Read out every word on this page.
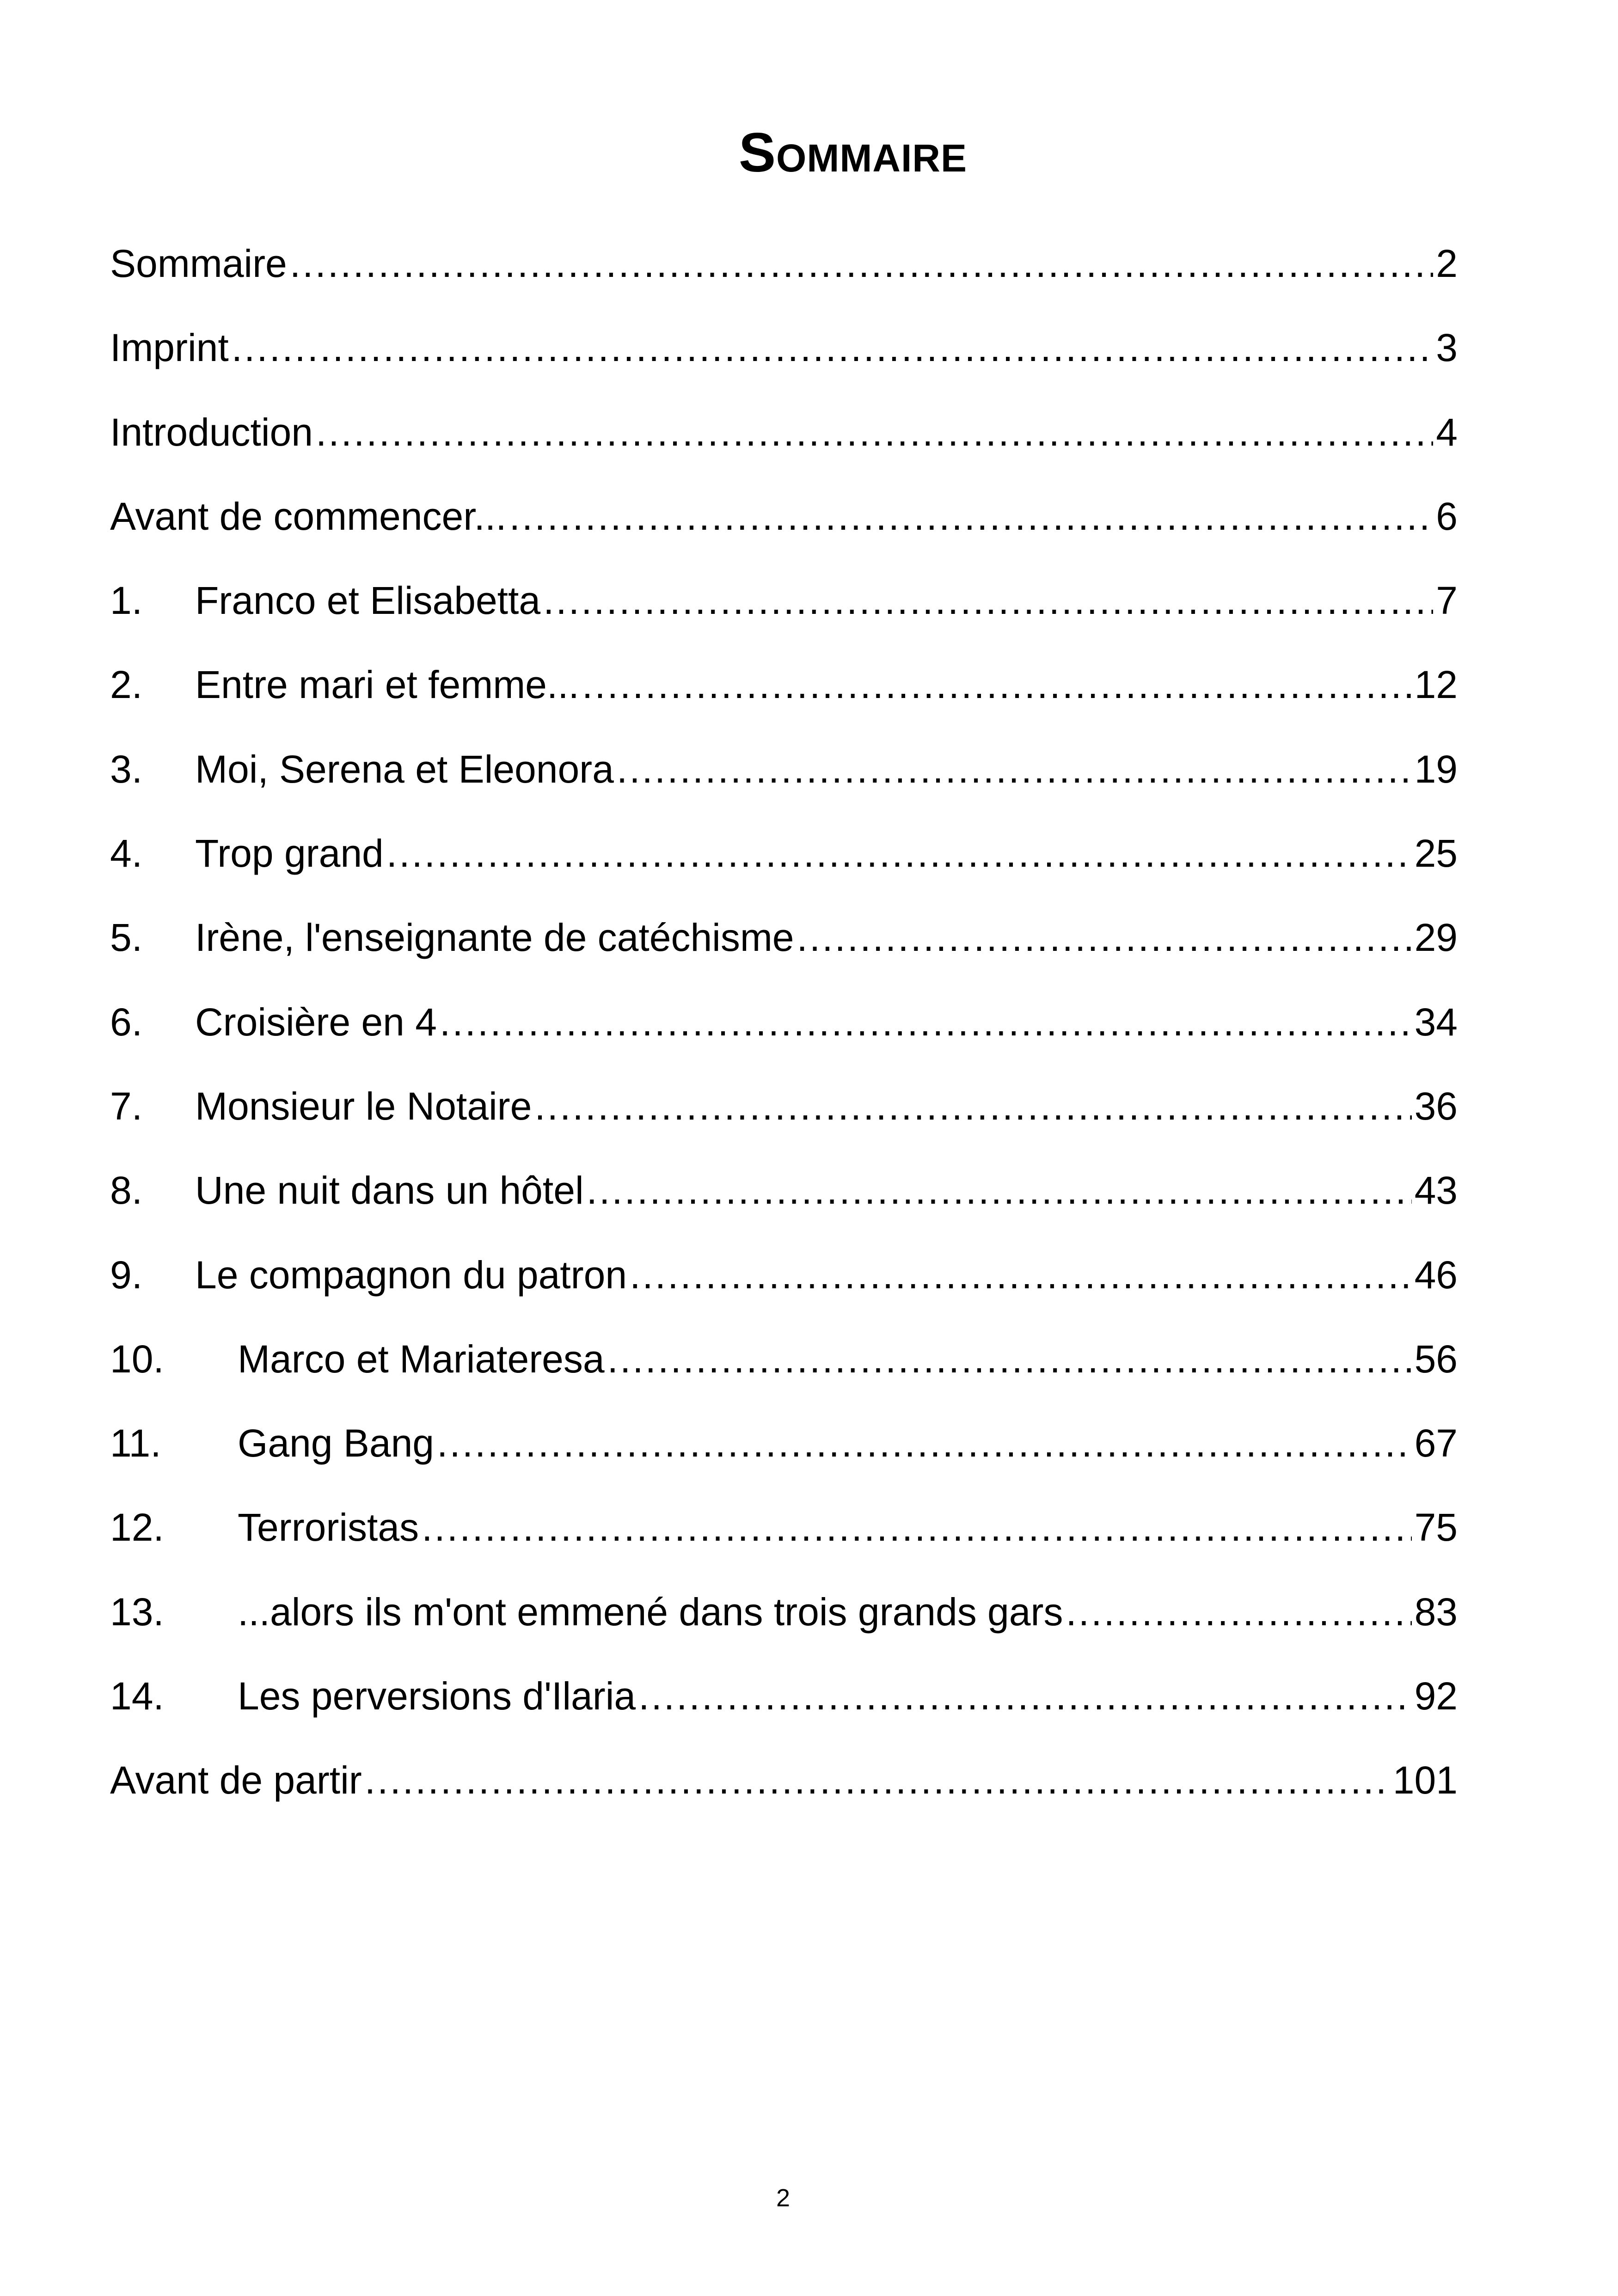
Sommaire
Sommaire .....	2
Imprint .....	3
Introduction .....	4
Avant de commencer... .....	6
1.	Franco et Elisabetta .....	7
2.	Entre mari et femme... .....	12
3.	Moi, Serena et Eleonora .....	19
4.	Trop grand .....	25
5.	Irène, l'enseignante de catéchisme .....	29
6.	Croisière en 4 .....	34
7.	Monsieur le Notaire .....	36
8.	Une nuit dans un hôtel .....	43
9.	Le compagnon du patron .....	46
10.	Marco et Mariateresa .....	56
11.	Gang Bang .....	67
12.	Terroristas .....	75
13.	...alors ils m'ont emmené dans trois grands gars .....	83
14.	Les perversions d'Ilaria .....	92
Avant de partir .....	101
2
